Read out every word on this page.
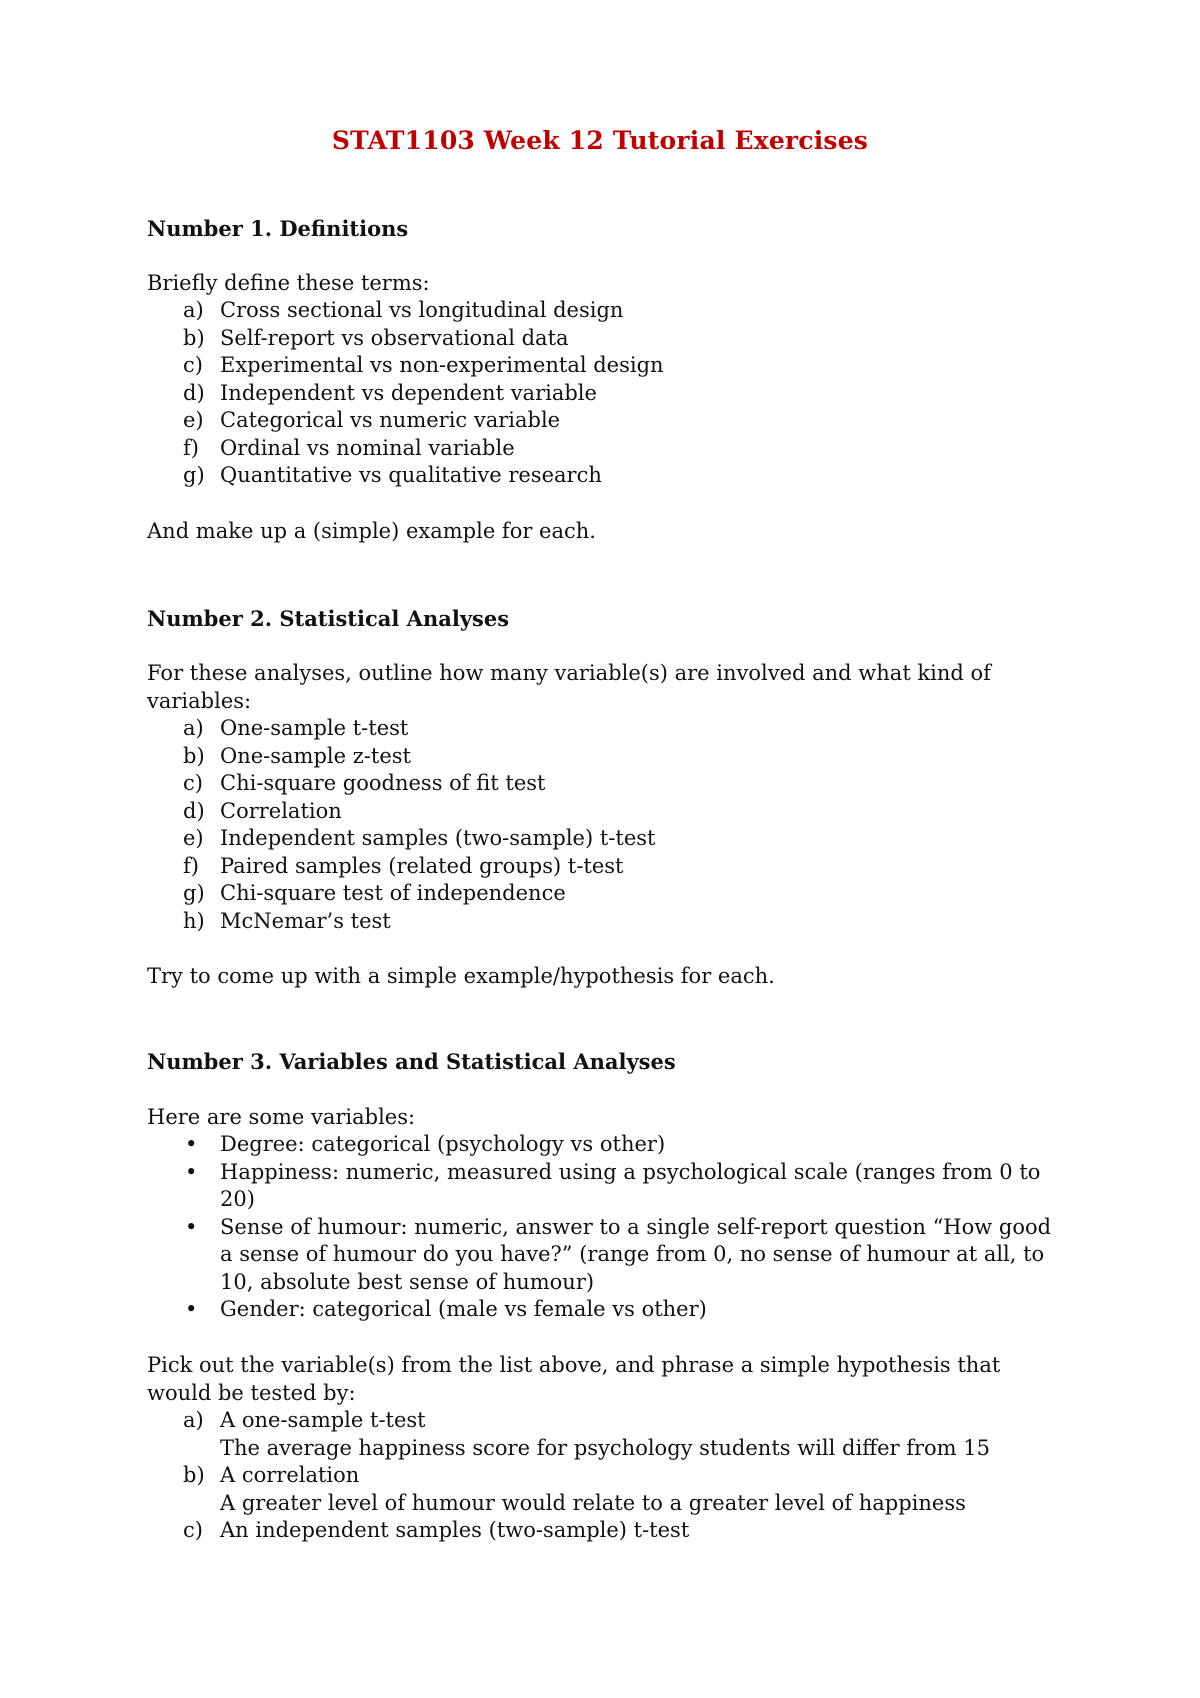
STAT1103 Week 12 Tutorial Exercises
Number 1. Definitions
Briefly define these terms:
a) Cross sectional vs longitudinal design
b) Self-report vs observational data
c) Experimental vs non-experimental design
d) Independent vs dependent variable
e) Categorical vs numeric variable
f) Ordinal vs nominal variable
g) Quantitative vs qualitative research
And make up a (simple) example for each.
Number 2. Statistical Analyses
For these analyses, outline how many variable(s) are involved and what kind of variables:
a) One-sample t-test
b) One-sample z-test
c) Chi-square goodness of fit test
d) Correlation
e) Independent samples (two-sample) t-test
f) Paired samples (related groups) t-test
g) Chi-square test of independence
h) McNemar’s test
Try to come up with a simple example/hypothesis for each.
Number 3. Variables and Statistical Analyses
Here are some variables:
• Degree: categorical (psychology vs other)
• Happiness: numeric, measured using a psychological scale (ranges from 0 to 20)
• Sense of humour: numeric, answer to a single self-report question “How good a sense of humour do you have?” (range from 0, no sense of humour at all, to 10, absolute best sense of humour)
• Gender: categorical (male vs female vs other)
Pick out the variable(s) from the list above, and phrase a simple hypothesis that would be tested by:
a) A one-sample t-test
The average happiness score for psychology students will differ from 15
b) A correlation
A greater level of humour would relate to a greater level of happiness
c) An independent samples (two-sample) t-test
